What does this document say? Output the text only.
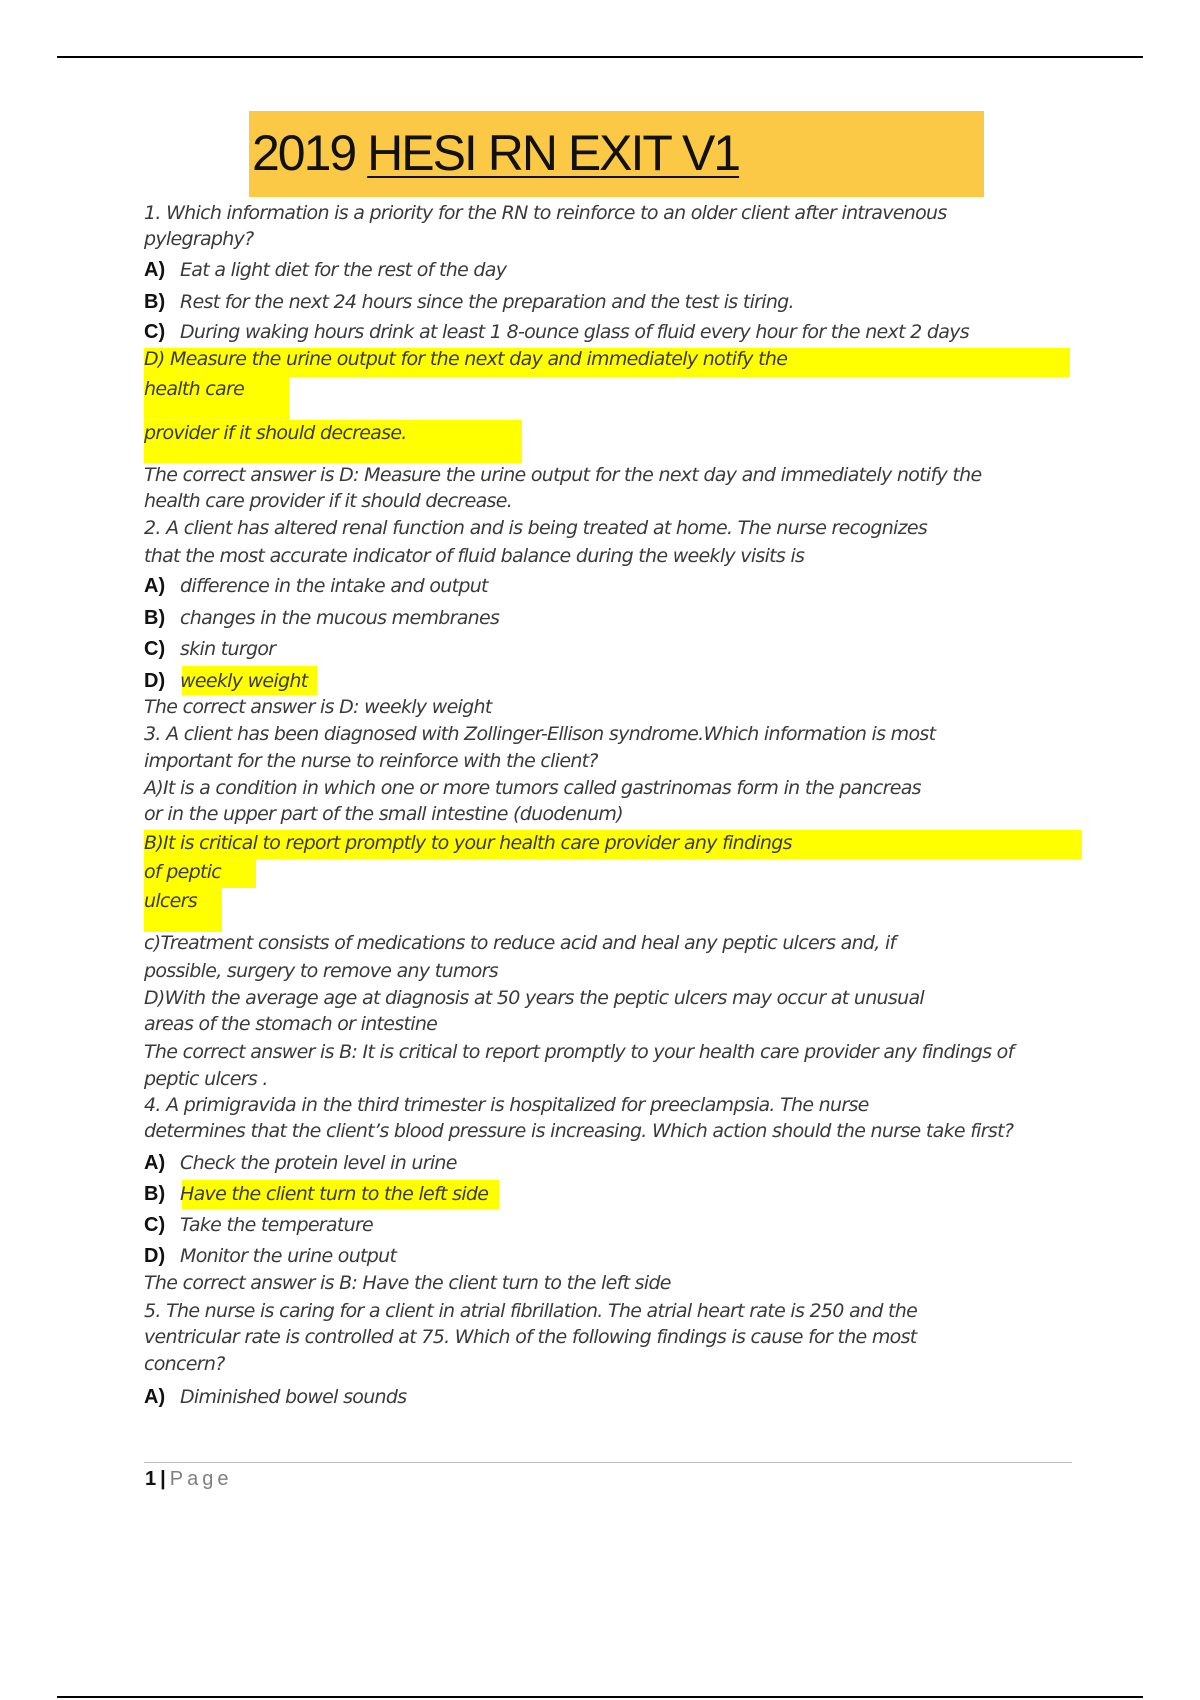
2019 HESI RN EXIT V1
1. Which information is a priority for the RN to reinforce to an older client after intravenous
pylegraphy?
A) Eat a light diet for the rest of the day
B) Rest for the next 24 hours since the preparation and the test is tiring.
C) During waking hours drink at least 1 8-ounce glass of fluid every hour for the next 2 days
D) Measure the urine output for the next day and immediately notify the
health care
provider if it should decrease.
The correct answer is D: Measure the urine output for the next day and immediately notify the
health care provider if it should decrease.
2. A client has altered renal function and is being treated at home. The nurse recognizes
that the most accurate indicator of fluid balance during the weekly visits is
A) difference in the intake and output
B) changes in the mucous membranes
C) skin turgor
D) weekly weight
The correct answer is D: weekly weight
3. A client has been diagnosed with Zollinger-Ellison syndrome.Which information is most
important for the nurse to reinforce with the client?
A)It is a condition in which one or more tumors called gastrinomas form in the pancreas
or in the upper part of the small intestine (duodenum)
B)It is critical to report promptly to your health care provider any findings
of peptic
ulcers
c)Treatment consists of medications to reduce acid and heal any peptic ulcers and, if
possible, surgery to remove any tumors
D)With the average age at diagnosis at 50 years the peptic ulcers may occur at unusual
areas of the stomach or intestine
The correct answer is B: It is critical to report promptly to your health care provider any findings of
peptic ulcers .
4. A primigravida in the third trimester is hospitalized for preeclampsia. The nurse
determines that the client’s blood pressure is increasing. Which action should the nurse take first?
A) Check the protein level in urine
B) Have the client turn to the left side
C) Take the temperature
D) Monitor the urine output
The correct answer is B: Have the client turn to the left side
5. The nurse is caring for a client in atrial fibrillation. The atrial heart rate is 250 and the
ventricular rate is controlled at 75. Which of the following findings is cause for the most
concern?
A) Diminished bowel sounds
1 | Page
